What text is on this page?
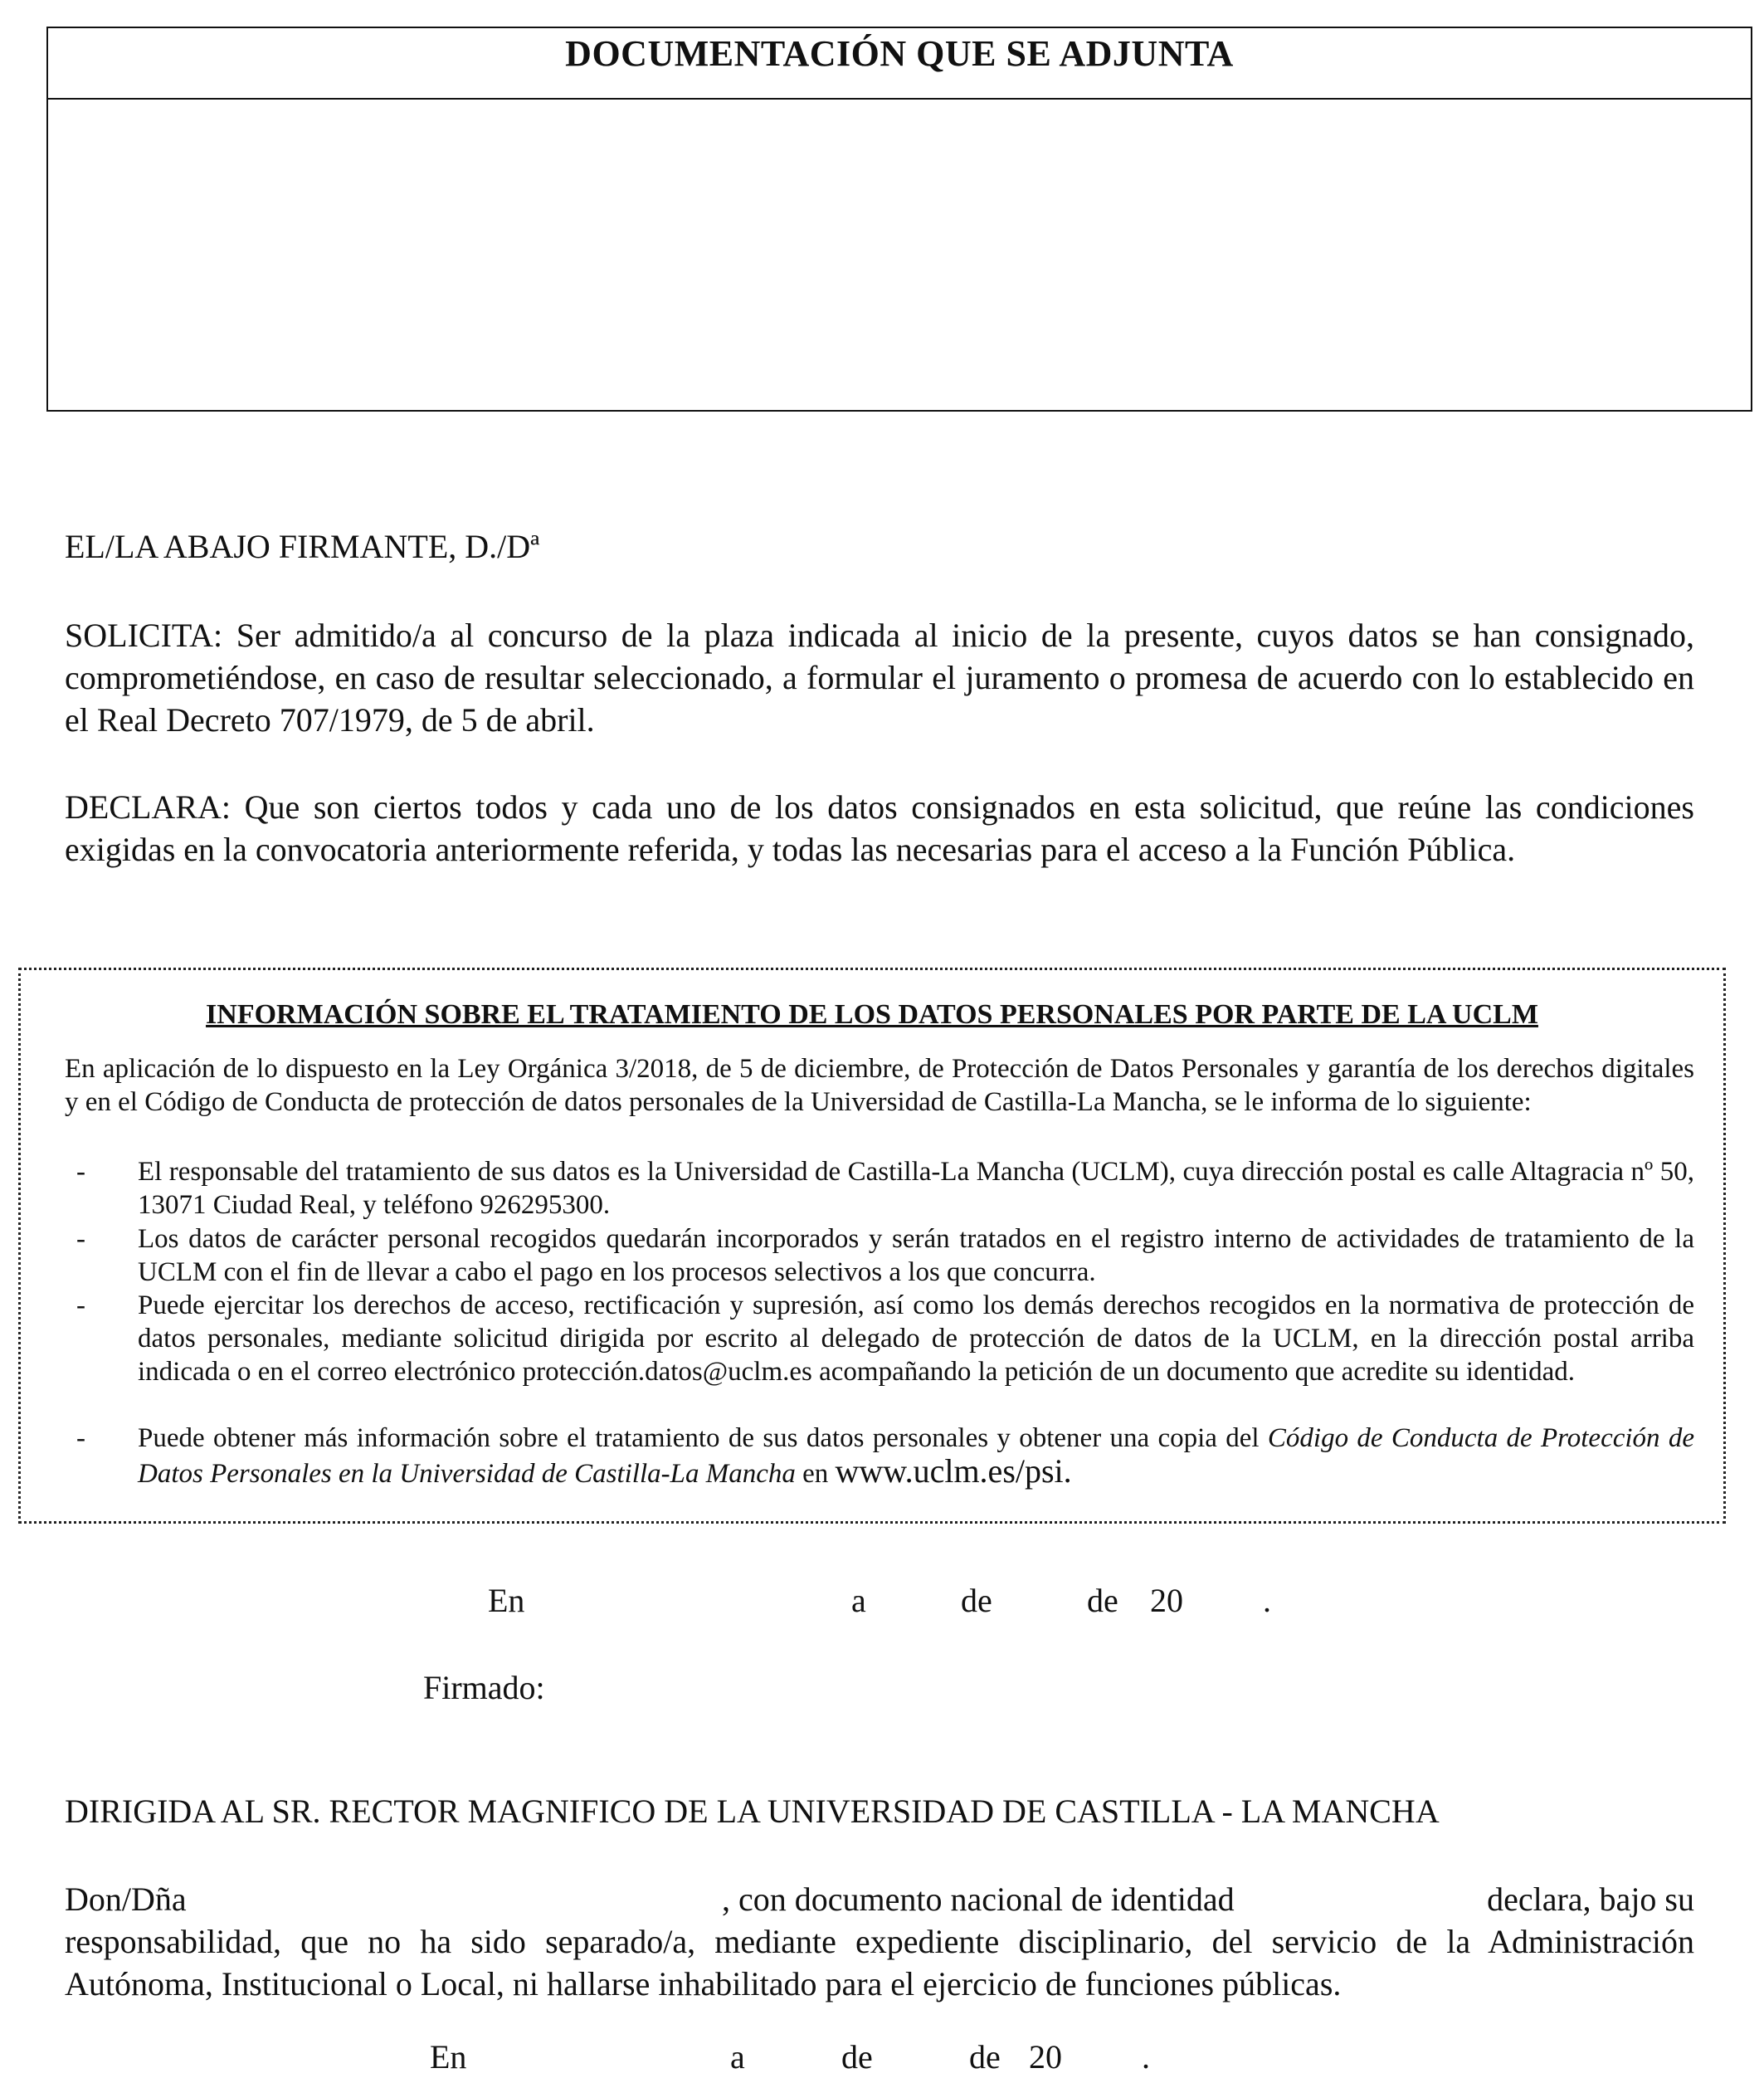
DOCUMENTACIÓN QUE SE ADJUNTA
EL/LA ABAJO FIRMANTE, D./Dª

SOLICITA: Ser admitido/a al concurso de la plaza indicada al inicio de la presente, cuyos datos se han consignado, comprometiéndose, en caso de resultar seleccionado, a formular el juramento o promesa de acuerdo con lo establecido en el Real Decreto 707/1979, de 5 de abril.

DECLARA: Que son ciertos todos y cada uno de los datos consignados en esta solicitud, que reúne las condiciones exigidas en la convocatoria anteriormente referida, y todas las necesarias para el acceso a la Función Pública.

INFORMACIÓN SOBRE EL TRATAMIENTO DE LOS DATOS PERSONALES POR PARTE DE LA UCLM

En aplicación de lo dispuesto en la Ley Orgánica 3/2018, de 5 de diciembre, de Protección de Datos Personales y garantía de los derechos digitales y en el Código de Conducta de protección de datos personales de la Universidad de Castilla-La Mancha, se le informa de lo siguiente:

- El responsable del tratamiento de sus datos es la Universidad de Castilla-La Mancha (UCLM), cuya dirección postal es calle Altagracia nº 50, 13071 Ciudad Real, y teléfono 926295300.
- Los datos de carácter personal recogidos quedarán incorporados y serán tratados en el registro interno de actividades de tratamiento de la UCLM con el fin de llevar a cabo el pago en los procesos selectivos a los que concurra.
- Puede ejercitar los derechos de acceso, rectificación y supresión, así como los demás derechos recogidos en la normativa de protección de datos personales, mediante solicitud dirigida por escrito al delegado de protección de datos de la UCLM, en la dirección postal arriba indicada o en el correo electrónico protección.datos@uclm.es acompañando la petición de un documento que acredite su identidad.
- Puede obtener más información sobre el tratamiento de sus datos personales y obtener una copia del Código de Conducta de Protección de Datos Personales en la Universidad de Castilla-La Mancha en www.uclm.es/psi.
En	a	de	de 20 .
Firmado:
DIRIGIDA AL SR. RECTOR MAGNIFICO DE LA UNIVERSIDAD DE CASTILLA - LA MANCHA
Don/Dña	, con documento nacional de identidad	declara, bajo su

responsabilidad, que no ha sido separado/a, mediante expediente disciplinario, del servicio de la Administración Autónoma, Institucional o Local, ni hallarse inhabilitado para el ejercicio de funciones públicas.

En	a	de	de 20 .
